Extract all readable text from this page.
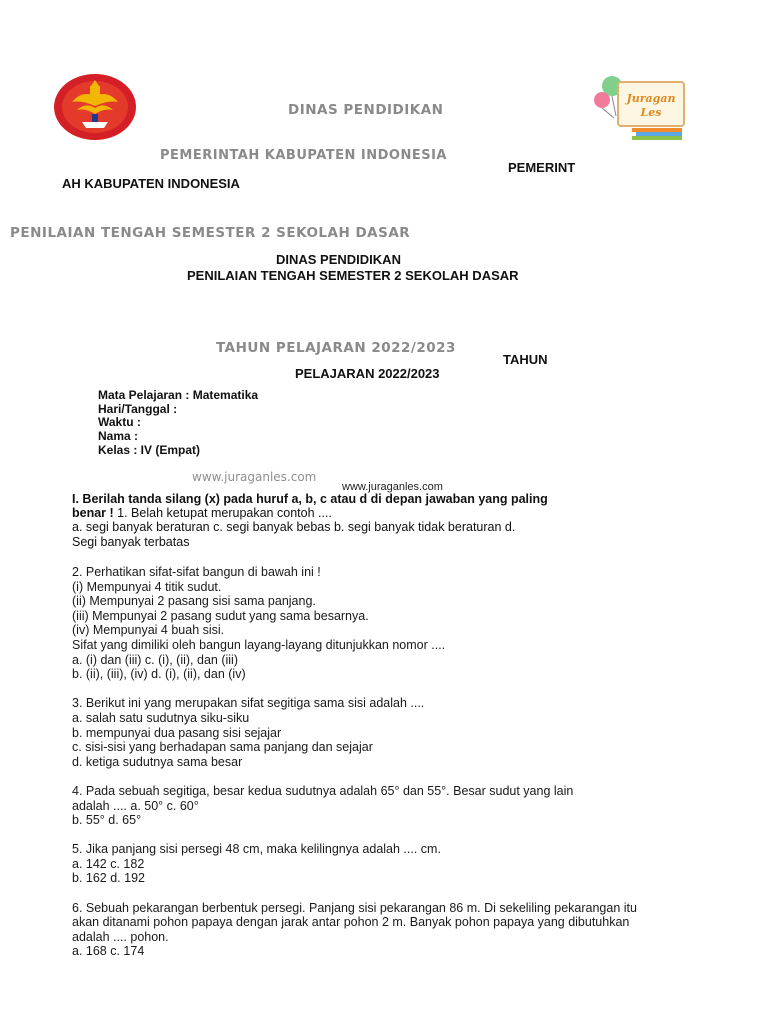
Juragan
Les
DINAS PENDIDIKAN
PEMERINTAH KABUPATEN INDONESIA
PEMERINT
AH KABUPATEN INDONESIA
PENILAIAN TENGAH SEMESTER 2 SEKOLAH DASAR
DINAS PENDIDIKAN
PENILAIAN TENGAH SEMESTER 2 SEKOLAH DASAR
TAHUN PELAJARAN 2022/2023
TAHUN
PELAJARAN 2022/2023
Mata Pelajaran : Matematika
Hari/Tanggal :
Waktu :
Nama :
Kelas : IV (Empat)
www.juraganles.com
www.juraganles.com
I. Berilah tanda silang (x) pada huruf a, b, c atau d di depan jawaban yang paling
benar ! 1. Belah ketupat merupakan contoh ....
a. segi banyak beraturan c. segi banyak bebas b. segi banyak tidak beraturan d.
Segi banyak terbatas
2. Perhatikan sifat-sifat bangun di bawah ini !
(i) Mempunyai 4 titik sudut.
(ii) Mempunyai 2 pasang sisi sama panjang.
(iii) Mempunyai 2 pasang sudut yang sama besarnya.
(iv) Mempunyai 4 buah sisi.
Sifat yang dimiliki oleh bangun layang-layang ditunjukkan nomor ....
a. (i) dan (iii) c. (i), (ii), dan (iii)
b. (ii), (iii), (iv) d. (i), (ii), dan (iv)
3. Berikut ini yang merupakan sifat segitiga sama sisi adalah ....
a. salah satu sudutnya siku-siku
b. mempunyai dua pasang sisi sejajar
c. sisi-sisi yang berhadapan sama panjang dan sejajar
d. ketiga sudutnya sama besar
4. Pada sebuah segitiga, besar kedua sudutnya adalah 65° dan 55°. Besar sudut yang lain
adalah .... a. 50° c. 60°
b. 55° d. 65°
5. Jika panjang sisi persegi 48 cm, maka kelilingnya adalah .... cm.
a. 142 c. 182
b. 162 d. 192
6. Sebuah pekarangan berbentuk persegi. Panjang sisi pekarangan 86 m. Di sekeliling pekarangan itu
akan ditanami pohon papaya dengan jarak antar pohon 2 m. Banyak pohon papaya yang dibutuhkan
adalah .... pohon.
a. 168 c. 174
